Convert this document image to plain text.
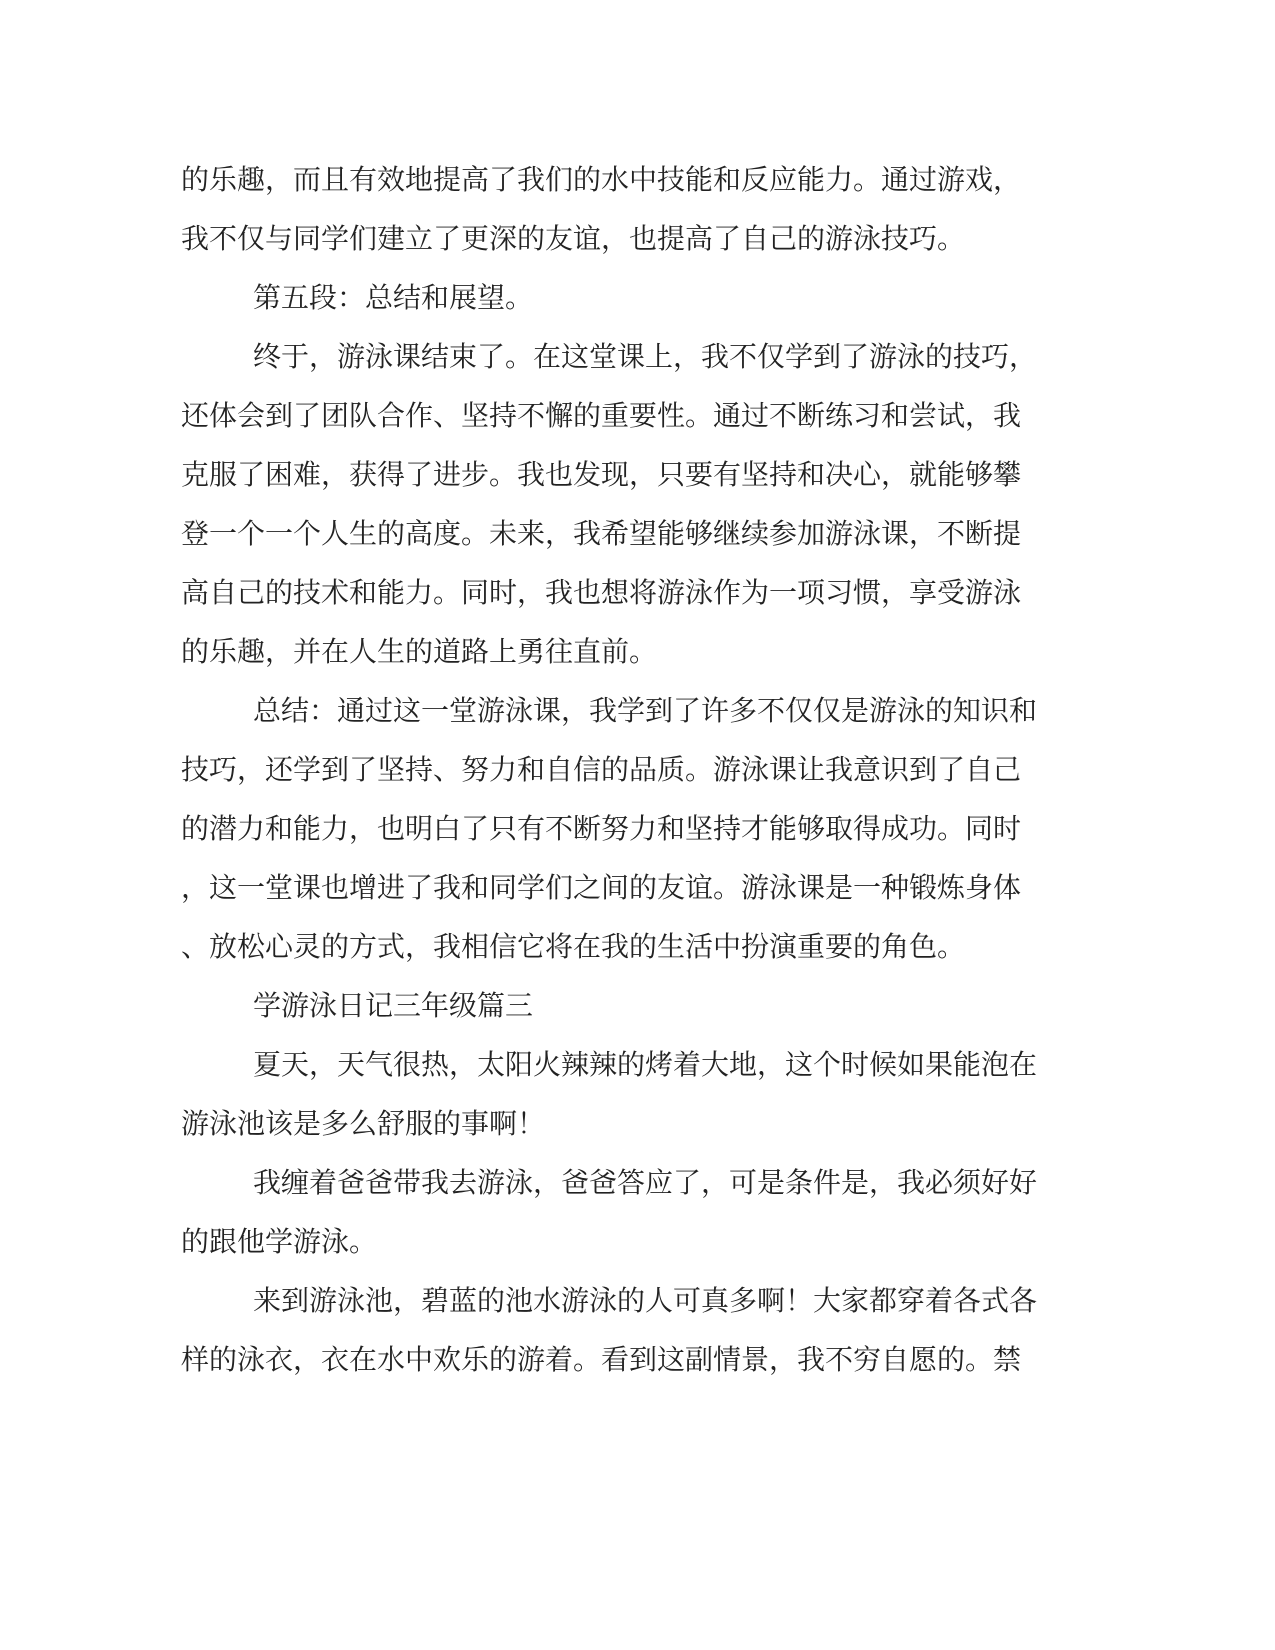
的乐趣，而且有效地提高了我们的水中技能和反应能力。通过游戏，
我不仅与同学们建立了更深的友谊，也提高了自己的游泳技巧。
第五段：总结和展望。
终于，游泳课结束了。在这堂课上，我不仅学到了游泳的技巧，
还体会到了团队合作、坚持不懈的重要性。通过不断练习和尝试，我
克服了困难，获得了进步。我也发现，只要有坚持和决心，就能够攀
登一个一个人生的高度。未来，我希望能够继续参加游泳课，不断提
高自己的技术和能力。同时，我也想将游泳作为一项习惯，享受游泳
的乐趣，并在人生的道路上勇往直前。
总结：通过这一堂游泳课，我学到了许多不仅仅是游泳的知识和
技巧，还学到了坚持、努力和自信的品质。游泳课让我意识到了自己
的潜力和能力，也明白了只有不断努力和坚持才能够取得成功。同时
，这一堂课也增进了我和同学们之间的友谊。游泳课是一种锻炼身体
、放松心灵的方式，我相信它将在我的生活中扮演重要的角色。
学游泳日记三年级篇三
夏天，天气很热，太阳火辣辣的烤着大地，这个时候如果能泡在
游泳池该是多么舒服的事啊！
我缠着爸爸带我去游泳，爸爸答应了，可是条件是，我必须好好
的跟他学游泳。
来到游泳池，碧蓝的池水游泳的人可真多啊！大家都穿着各式各
样的泳衣，衣在水中欢乐的游着。看到这副情景，我不穷自愿的。禁
